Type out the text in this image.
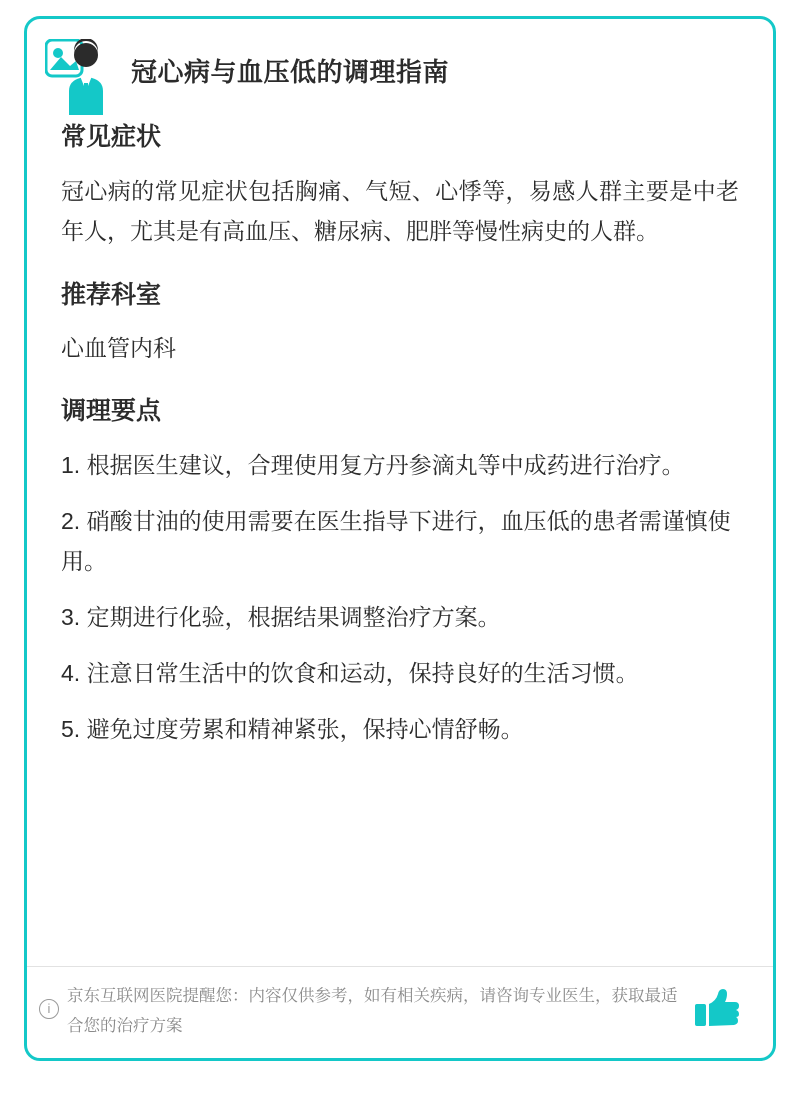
冠心病与血压低的调理指南
常见症状

冠心病的常见症状包括胸痛、气短、心悸等，易感人群主要是中老年人，尤其是有高血压、糖尿病、肥胖等慢性病史的人群。

推荐科室

心血管内科

调理要点
1. 根据医生建议，合理使用复方丹参滴丸等中成药进行治疗。
2. 硝酸甘油的使用需要在医生指导下进行，血压低的患者需谨慎使用。
3. 定期进行化验，根据结果调整治疗方案。
4. 注意日常生活中的饮食和运动，保持良好的生活习惯。
5. 避免过度劳累和精神紧张，保持心情舒畅。
i
京东互联网医院提醒您：内容仅供参考，如有相关疾病，请咨询专业医生，获取最适合您的治疗方案
